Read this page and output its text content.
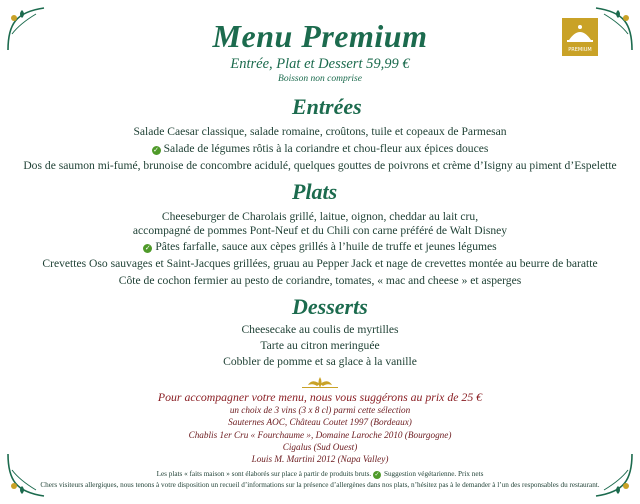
PREMIUM
Menu Premium
Entrée, Plat et Dessert 59,99 €
Boisson non comprise
Entrées
Salade Caesar classique, salade romaine, croûtons, tuile et copeaux de Parmesan
✓ Salade de légumes rôtis à la coriandre et chou-fleur aux épices douces
Dos de saumon mi-fumé, brunoise de concombre acidulé, quelques gouttes de poivrons et crème d’Isigny au piment d’Espelette
Plats
Cheeseburger de Charolais grillé, laitue, oignon, cheddar au lait cru,
accompagné de pommes Pont-Neuf et du Chili con carne préféré de Walt Disney
✓ Pâtes farfalle, sauce aux cèpes grillés à l’huile de truffe et jeunes légumes
Crevettes Oso sauvages et Saint-Jacques grillées, gruau au Pepper Jack et nage de crevettes montée au beurre de baratte
Côte de cochon fermier au pesto de coriandre, tomates, « mac and cheese » et asperges
Desserts
Cheesecake au coulis de myrtilles
Tarte au citron meringuée
Cobbler de pomme et sa glace à la vanille
Pour accompagner votre menu, nous vous suggérons au prix de 25 €
un choix de 3 vins (3 x 8 cl) parmi cette sélection
Sauternes AOC, Château Coutet 1997 (Bordeaux)
Chablis 1er Cru « Fourchaume », Domaine Laroche 2010 (Bourgogne)
Cigalus (Sud Ouest)
Louis M. Martini 2012 (Napa Valley)
Les plats « faits maison » sont élaborés sur place à partir de produits bruts. ✓ Suggestion végétarienne. Prix nets
Chers visiteurs allergiques, nous tenons à votre disposition un recueil d’informations sur la présence d’allergènes dans nos plats, n’hésitez pas à le demander à l’un des responsables du restaurant.
